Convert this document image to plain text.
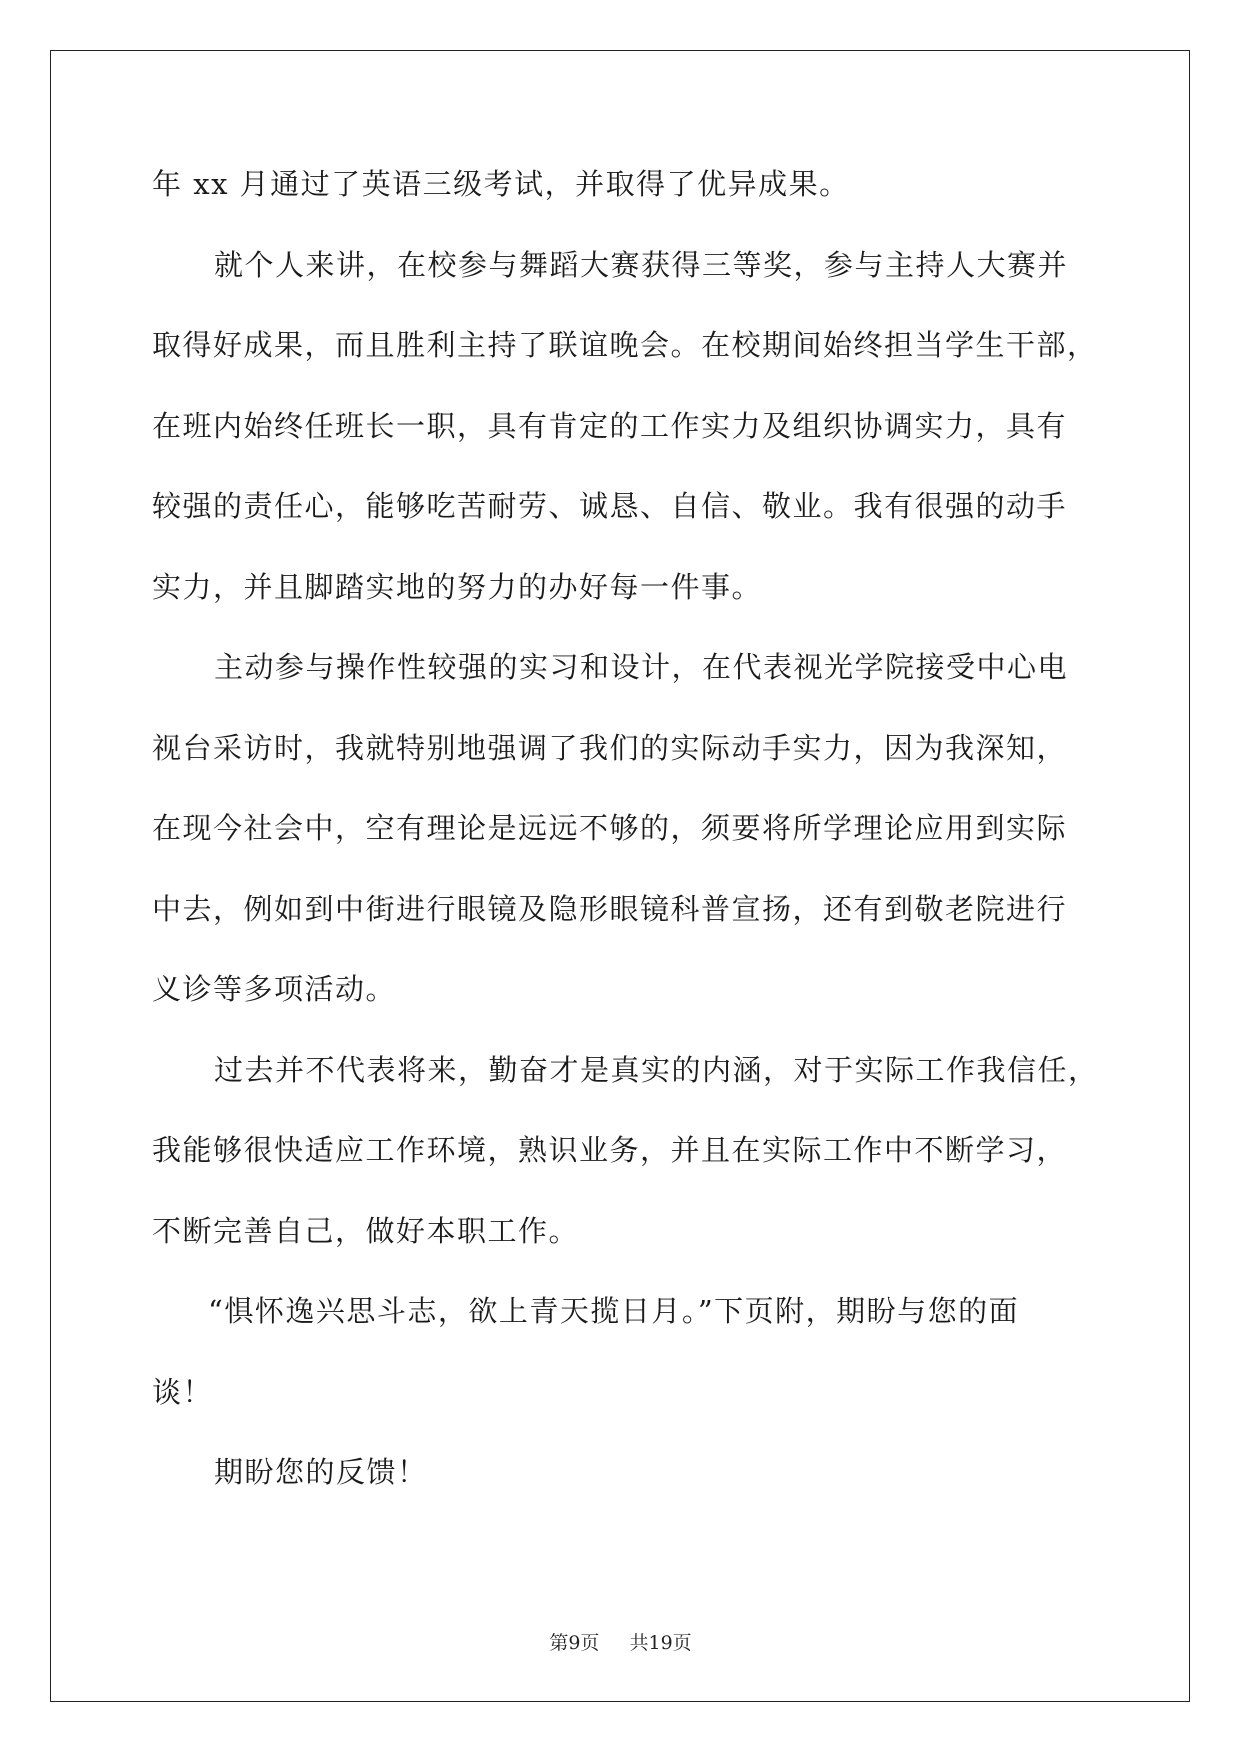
年 xx 月通过了英语三级考试，并取得了优异成果。
就个人来讲，在校参与舞蹈大赛获得三等奖，参与主持人大赛并
取得好成果，而且胜利主持了联谊晚会。在校期间始终担当学生干部，
在班内始终任班长一职，具有肯定的工作实力及组织协调实力，具有
较强的责任心，能够吃苦耐劳、诚恳、自信、敬业。我有很强的动手
实力，并且脚踏实地的努力的办好每一件事。
主动参与操作性较强的实习和设计，在代表视光学院接受中心电
视台采访时，我就特别地强调了我们的实际动手实力，因为我深知，
在现今社会中，空有理论是远远不够的，须要将所学理论应用到实际
中去，例如到中街进行眼镜及隐形眼镜科普宣扬，还有到敬老院进行
义诊等多项活动。
过去并不代表将来，勤奋才是真实的内涵，对于实际工作我信任，
我能够很快适应工作环境，熟识业务，并且在实际工作中不断学习，
不断完善自己，做好本职工作。
“惧怀逸兴思斗志，欲上青天揽日月。”下页附，期盼与您的面
谈！
期盼您的反馈！
第9页 共19页
